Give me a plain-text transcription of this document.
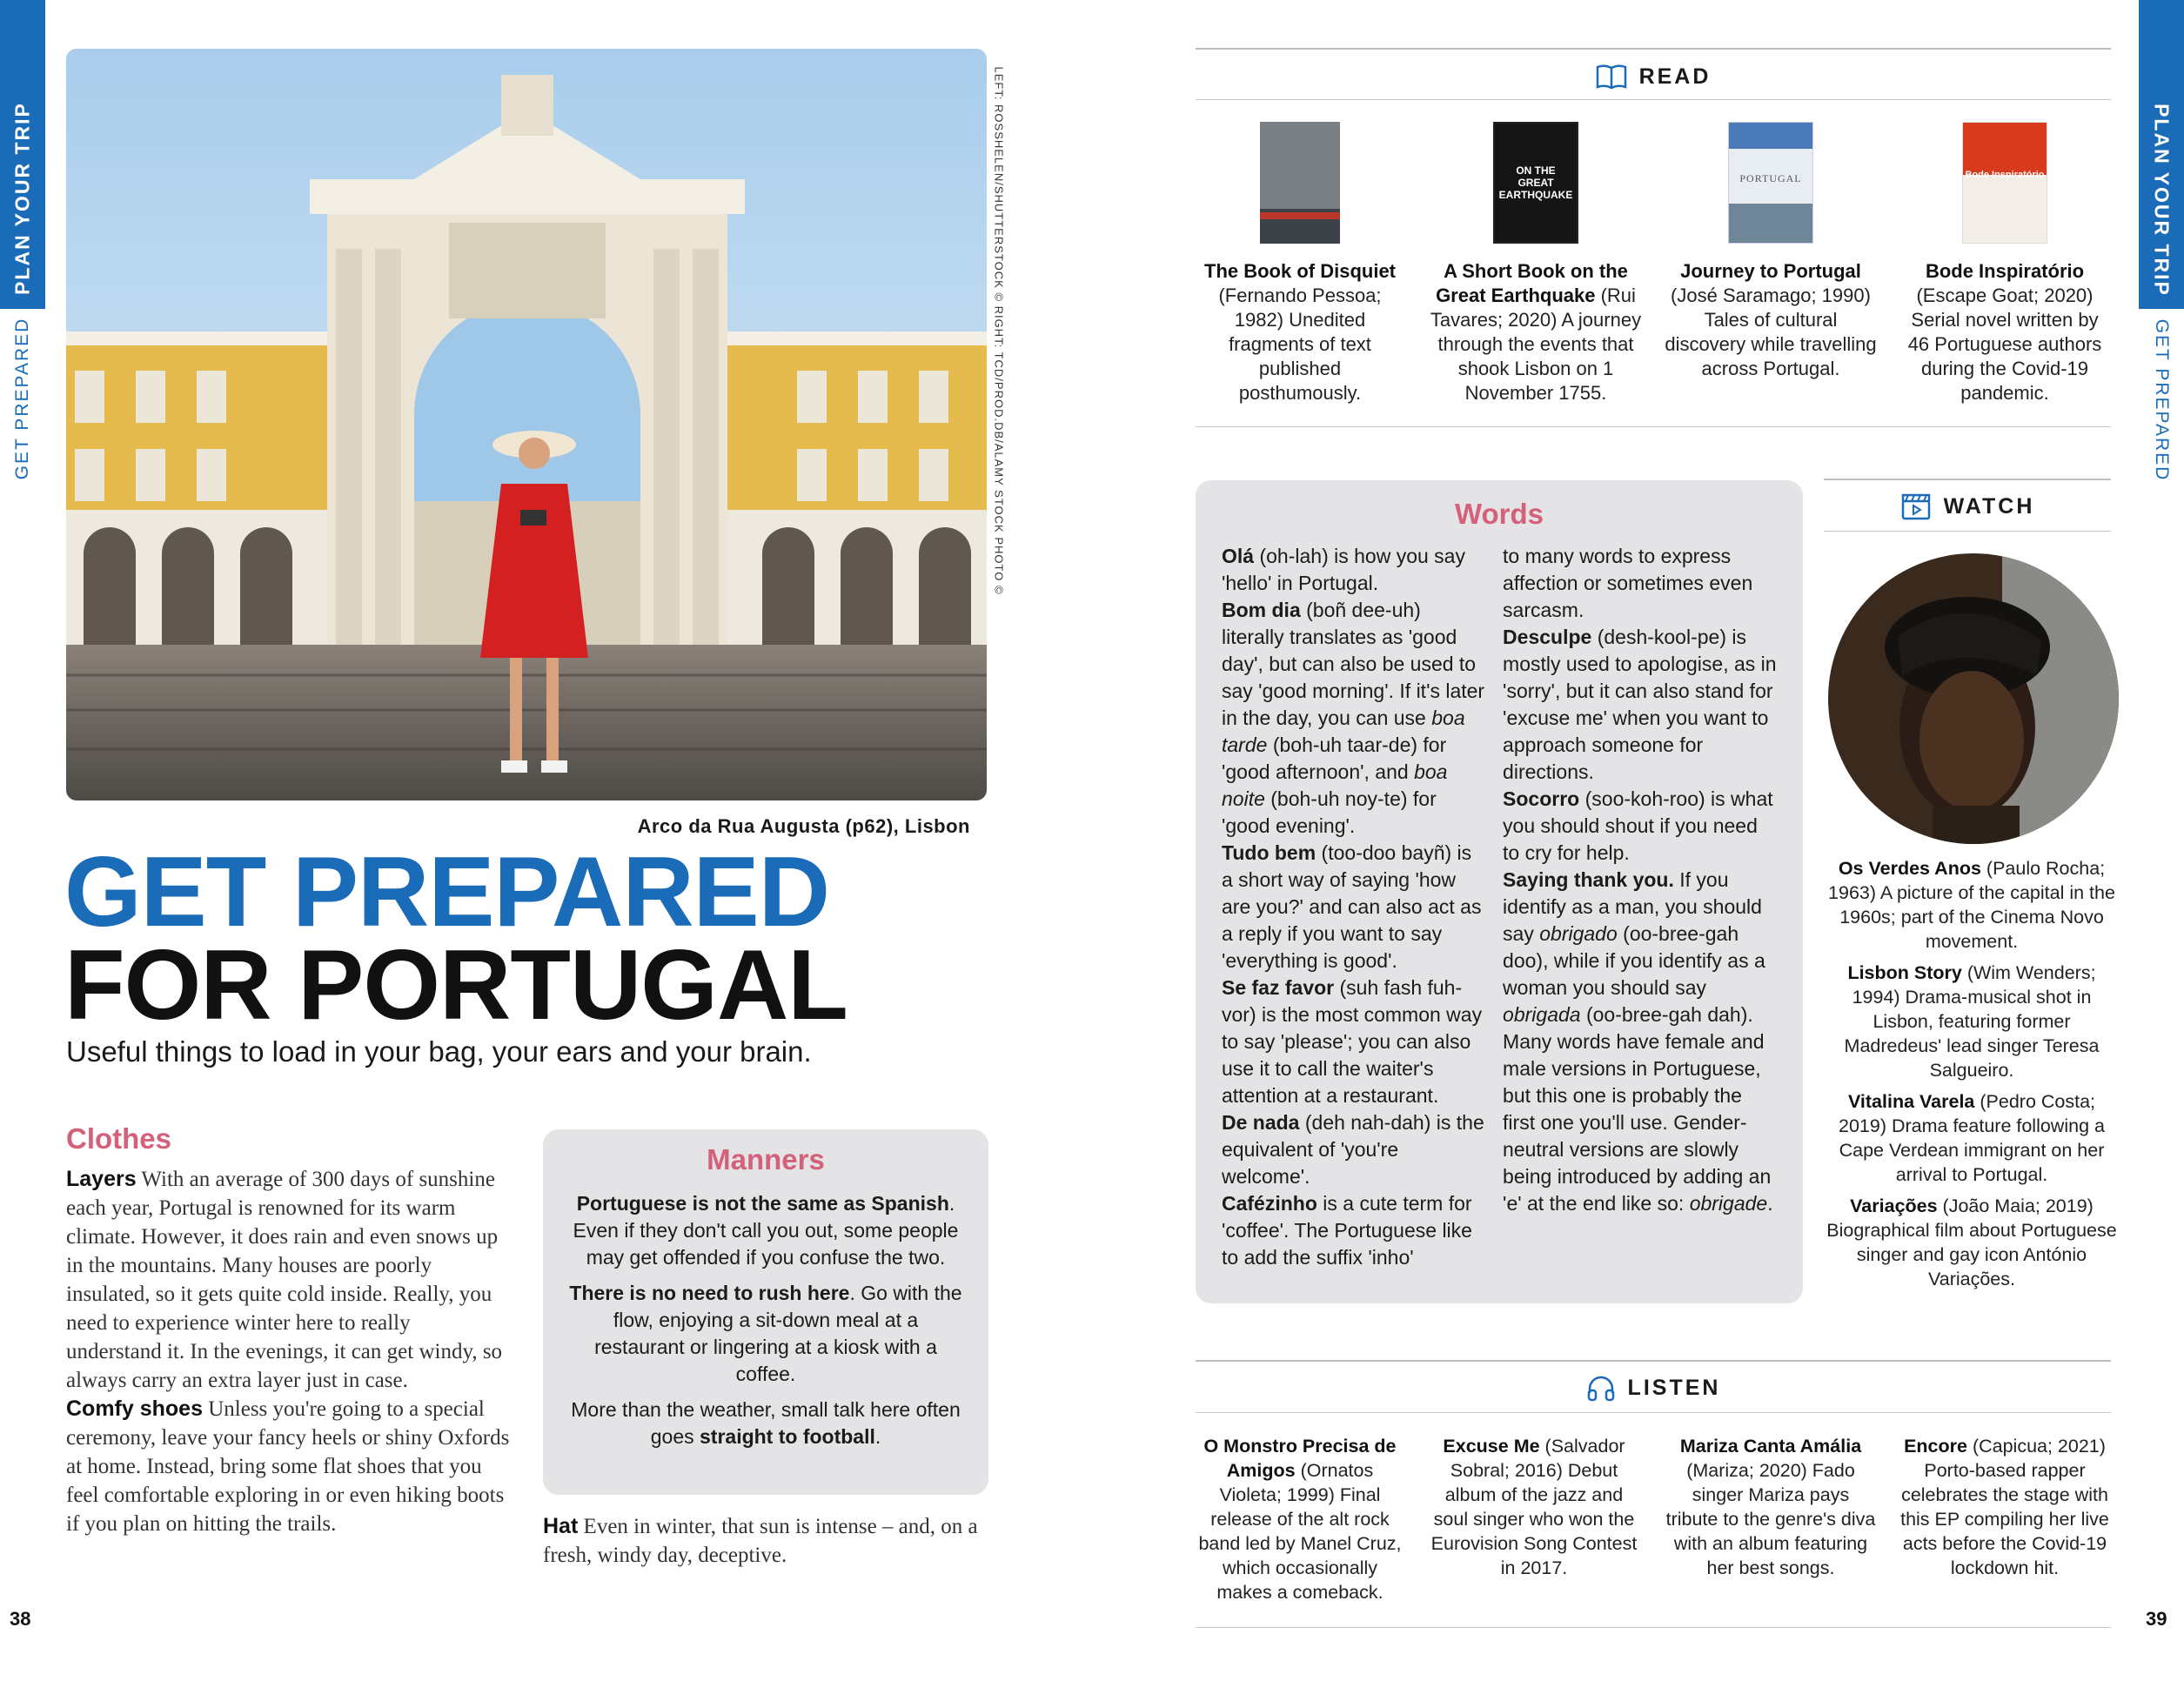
PLAN YOUR TRIP
GET PREPARED
PLAN YOUR TRIP
GET PREPARED
LEFT: ROSSHELEN/SHUTTERSTOCK © RIGHT: TCD/PROD.DB/ALAMY STOCK PHOTO ©
Arco da Rua Augusta (p62), Lisbon
GET PREPARED
FOR PORTUGAL
Useful things to load in your bag, your ears and your brain.
Clothes
Layers With an average of 300 days of sunshine each year, Portugal is renowned for its warm climate. However, it does rain and even snows up in the mountains. Many houses are poorly insulated, so it gets quite cold inside. Really, you need to experience winter here to really understand it. In the evenings, it can get windy, so always carry an extra layer just in case.
Comfy shoes Unless you're going to a special ceremony, leave your fancy heels or shiny Oxfords at home. Instead, bring some flat shoes that you feel comfortable exploring in or even hiking boots if you plan on hitting the trails.
Manners
Portuguese is not the same as Spanish. Even if they don't call you out, some people may get offended if you confuse the two.
There is no need to rush here. Go with the flow, enjoying a sit-down meal at a restaurant or lingering at a kiosk with a coffee.
More than the weather, small talk here often goes straight to football.
Hat Even in winter, that sun is intense – and, on a fresh, windy day, deceptive.
38	39
READ
The Book of Disquiet (Fernando Pessoa; 1982) Unedited fragments of text published posthumously.
ON THE GREAT EARTHQUAKE
A Short Book on the Great Earthquake (Rui Tavares; 2020) A journey through the events that shook Lisbon on 1 November 1755.
PORTUGAL
Journey to Portugal (José Saramago; 1990) Tales of cultural discovery while travelling across Portugal.
Bode Inspiratório
Bode Inspiratório (Escape Goat; 2020) Serial novel written by 46 Portuguese authors during the Covid-19 pandemic.
Words
Olá (oh-lah) is how you say 'hello' in Portugal.
Bom dia (boñ dee-uh) literally translates as 'good day', but can also be used to say 'good morning'. If it's later in the day, you can use boa tarde (boh-uh taar-de) for 'good afternoon', and boa noite (boh-uh noy-te) for 'good evening'.
Tudo bem (too-doo bayñ) is a short way of saying 'how are you?' and can also act as a reply if you want to say 'everything is good'.
Se faz favor (suh fash fuh-vor) is the most common way to say 'please'; you can also use it to call the waiter's attention at a restaurant.
De nada (deh nah-dah) is the equivalent of 'you're welcome'.
Cafézinho is a cute term for 'coffee'. The Portuguese like to add the suffix 'inho'
to many words to express affection or sometimes even sarcasm.
Desculpe (desh-kool-pe) is mostly used to apologise, as in 'sorry', but it can also stand for 'excuse me' when you want to approach someone for directions.
Socorro (soo-koh-roo) is what you should shout if you need to cry for help.
Saying thank you. If you identify as a man, you should say obrigado (oo-bree-gah doo), while if you identify as a woman you should say obrigada (oo-bree-gah dah). Many words have female and male versions in Portuguese, but this one is probably the first one you'll use. Gender-neutral versions are slowly being introduced by adding an 'e' at the end like so: obrigade.
WATCH
Os Verdes Anos (Paulo Rocha; 1963) A picture of the capital in the 1960s; part of the Cinema Novo movement.
Lisbon Story (Wim Wenders; 1994) Drama-musical shot in Lisbon, featuring former Madredeus' lead singer Teresa Salgueiro.
Vitalina Varela (Pedro Costa; 2019) Drama feature following a Cape Verdean immigrant on her arrival to Portugal.
Variações (João Maia; 2019) Biographical film about Portuguese singer and gay icon António Variações.
LISTEN
O Monstro Precisa de Amigos (Ornatos Violeta; 1999) Final release of the alt rock band led by Manel Cruz, which occasionally makes a comeback.
Excuse Me (Salvador Sobral; 2016) Debut album of the jazz and soul singer who won the Eurovision Song Contest in 2017.
Mariza Canta Amália (Mariza; 2020) Fado singer Mariza pays tribute to the genre's diva with an album featuring her best songs.
Encore (Capicua; 2021) Porto-based rapper celebrates the stage with this EP compiling her live acts before the Covid-19 lockdown hit.
